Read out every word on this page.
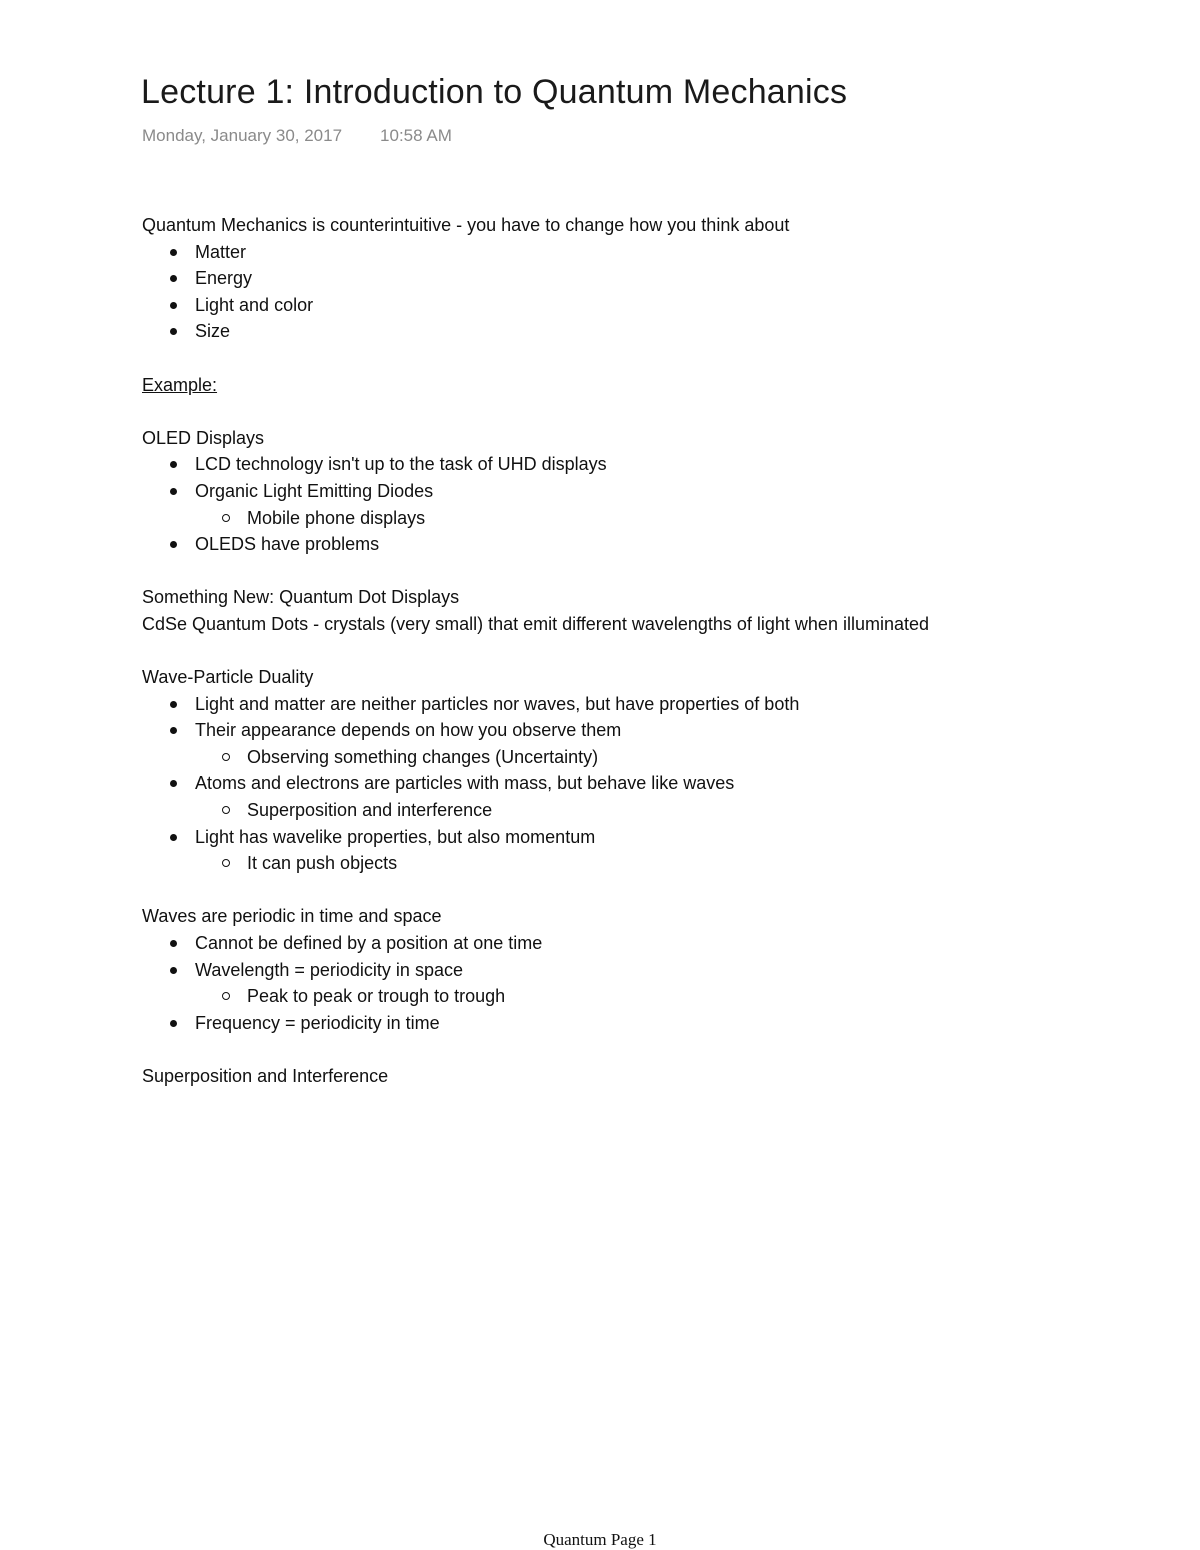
Lecture 1: Introduction to Quantum Mechanics
Monday, January 30, 2017 10:58 AM
Quantum Mechanics is counterintuitive - you have to change how you think about
Matter
Energy
Light and color
Size
Example:
OLED Displays
LCD technology isn't up to the task of UHD displays
Organic Light Emitting Diodes
Mobile phone displays
OLEDS have problems
Something New: Quantum Dot Displays
CdSe Quantum Dots - crystals (very small) that emit different wavelengths of light when illuminated
Wave-Particle Duality
Light and matter are neither particles nor waves, but have properties of both
Their appearance depends on how you observe them
Observing something changes (Uncertainty)
Atoms and electrons are particles with mass, but behave like waves
Superposition and interference
Light has wavelike properties, but also momentum
It can push objects
Waves are periodic in time and space
Cannot be defined by a position at one time
Wavelength = periodicity in space
Peak to peak or trough to trough
Frequency = periodicity in time
Superposition and Interference
Quantum Page 1
